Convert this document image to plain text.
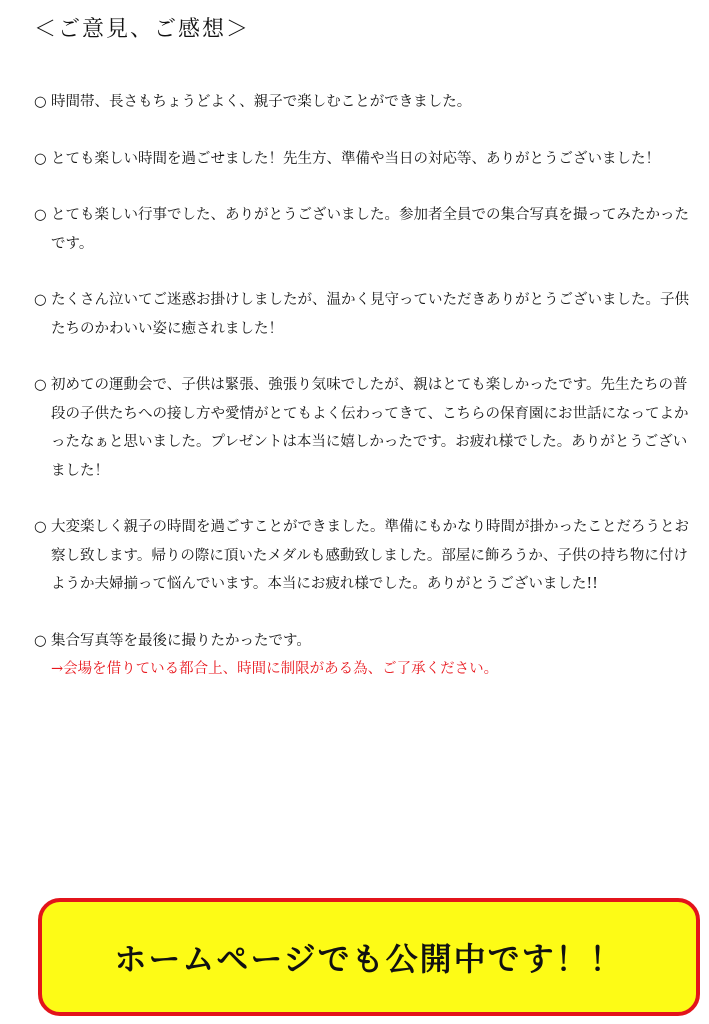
＜ご意見、ご感想＞
○ 時間帯、長さもちょうどよく、親子で楽しむことができました。
○ とても楽しい時間を過ごせました！先生方、準備や当日の対応等、ありがとうございました！
○ とても楽しい行事でした、ありがとうございました。参加者全員での集合写真を撮ってみたかったです。
○ たくさん泣いてご迷惑お掛けしましたが、温かく見守っていただきありがとうございました。子供たちのかわいい姿に癒されました！
○ 初めての運動会で、子供は緊張、強張り気味でしたが、親はとても楽しかったです。先生たちの普段の子供たちへの接し方や愛情がとてもよく伝わってきて、こちらの保育園にお世話になってよかったなぁと思いました。プレゼントは本当に嬉しかったです。お疲れ様でした。ありがとうございました！
○ 大変楽しく親子の時間を過ごすことができました。準備にもかなり時間が掛かったことだろうとお察し致します。帰りの際に頂いたメダルも感動致しました。部屋に飾ろうか、子供の持ち物に付けようか夫婦揃って悩んでいます。本当にお疲れ様でした。ありがとうございました!!
○ 集合写真等を最後に撮りたかったです。
→会場を借りている都合上、時間に制限がある為、ご了承ください。
ホームページでも公開中です！！
